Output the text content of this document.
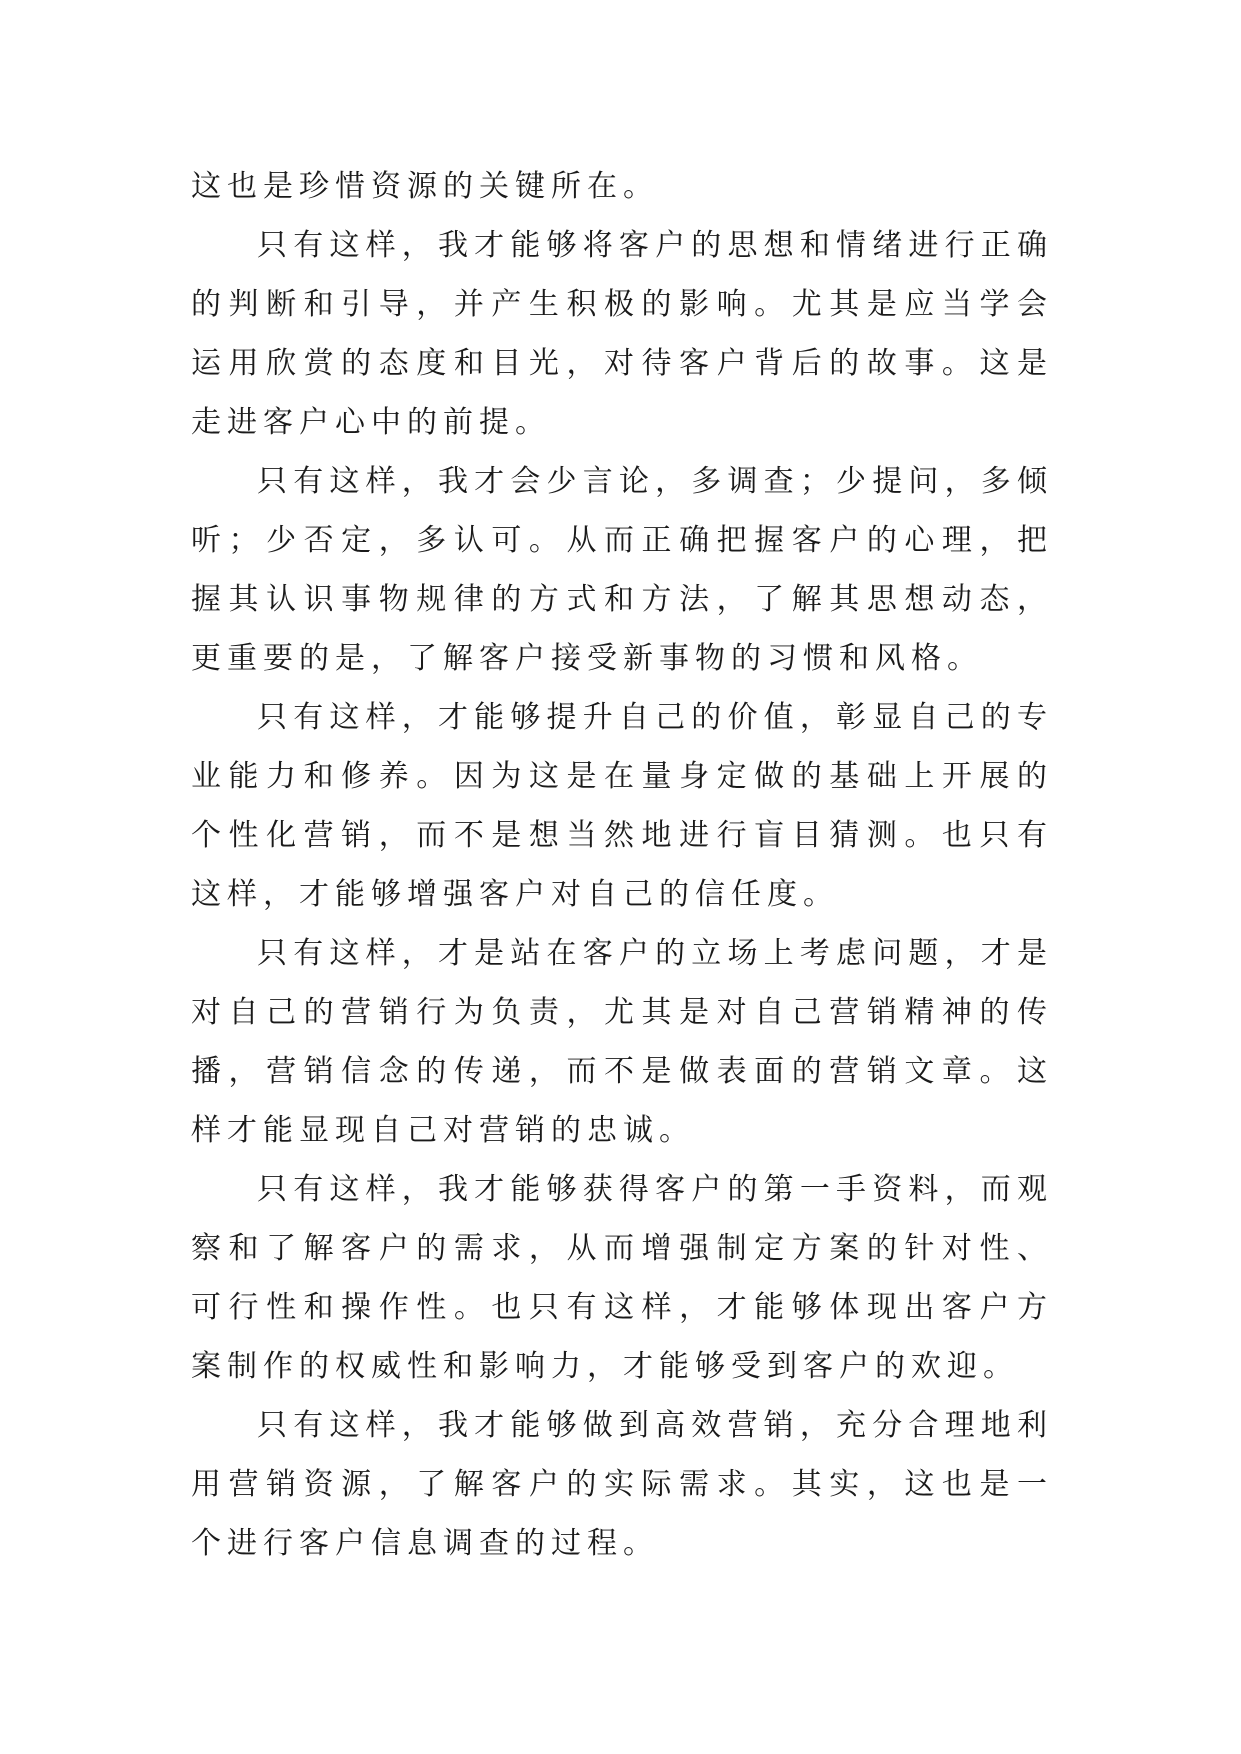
这也是珍惜资源的关键所在。

只有这样，我才能够将客户的思想和情绪进行正确的判断和引导，并产生积极的影响。尤其是应当学会运用欣赏的态度和目光，对待客户背后的故事。这是走进客户心中的前提。

只有这样，我才会少言论，多调查；少提问，多倾听；少否定，多认可。从而正确把握客户的心理，把握其认识事物规律的方式和方法，了解其思想动态，更重要的是，了解客户接受新事物的习惯和风格。

只有这样，才能够提升自己的价值，彰显自己的专业能力和修养。因为这是在量身定做的基础上开展的个性化营销，而不是想当然地进行盲目猜测。也只有这样，才能够增强客户对自己的信任度。

只有这样，才是站在客户的立场上考虑问题，才是对自己的营销行为负责，尤其是对自己营销精神的传播，营销信念的传递，而不是做表面的营销文章。这样才能显现自己对营销的忠诚。

只有这样，我才能够获得客户的第一手资料，而观察和了解客户的需求，从而增强制定方案的针对性、可行性和操作性。也只有这样，才能够体现出客户方案制作的权威性和影响力，才能够受到客户的欢迎。

只有这样，我才能够做到高效营销，充分合理地利用营销资源，了解客户的实际需求。其实，这也是一个进行客户信息调查的过程。
